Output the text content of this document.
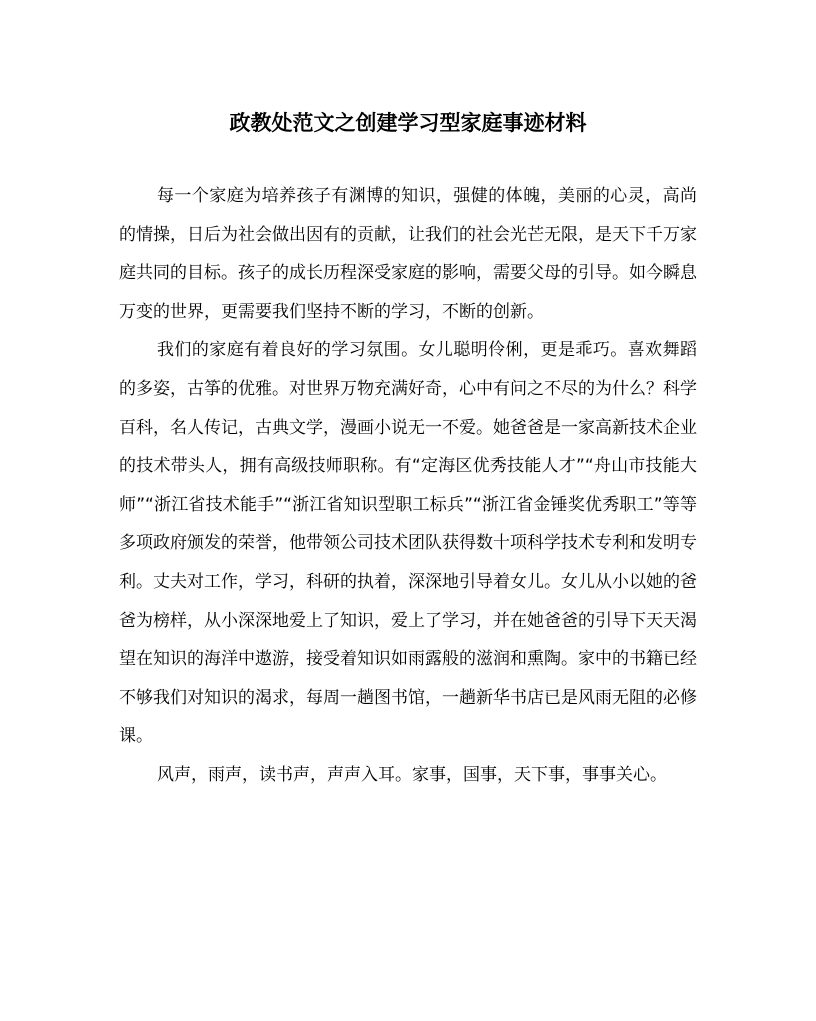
政教处范文之创建学习型家庭事迹材料

每一个家庭为培养孩子有渊博的知识，强健的体魄，美丽的心灵，高尚的情操，日后为社会做出因有的贡献，让我们的社会光芒无限，是天下千万家庭共同的目标。孩子的成长历程深受家庭的影响，需要父母的引导。如今瞬息万变的世界，更需要我们坚持不断的学习，不断的创新。

我们的家庭有着良好的学习氛围。女儿聪明伶俐，更是乖巧。喜欢舞蹈的多姿，古筝的优雅。对世界万物充满好奇，心中有问之不尽的为什么？科学百科，名人传记，古典文学，漫画小说无一不爱。她爸爸是一家高新技术企业的技术带头人，拥有高级技师职称。有“定海区优秀技能人才”“舟山市技能大师”“浙江省技术能手”“浙江省知识型职工标兵”“浙江省金锤奖优秀职工”等等多项政府颁发的荣誉，他带领公司技术团队获得数十项科学技术专利和发明专利。丈夫对工作，学习，科研的执着，深深地引导着女儿。女儿从小以她的爸爸为榜样，从小深深地爱上了知识，爱上了学习，并在她爸爸的引导下天天渴望在知识的海洋中遨游，接受着知识如雨露般的滋润和熏陶。家中的书籍已经不够我们对知识的渴求，每周一趟图书馆，一趟新华书店已是风雨无阻的必修课。

风声，雨声，读书声，声声入耳。家事，国事，天下事，事事关心。
